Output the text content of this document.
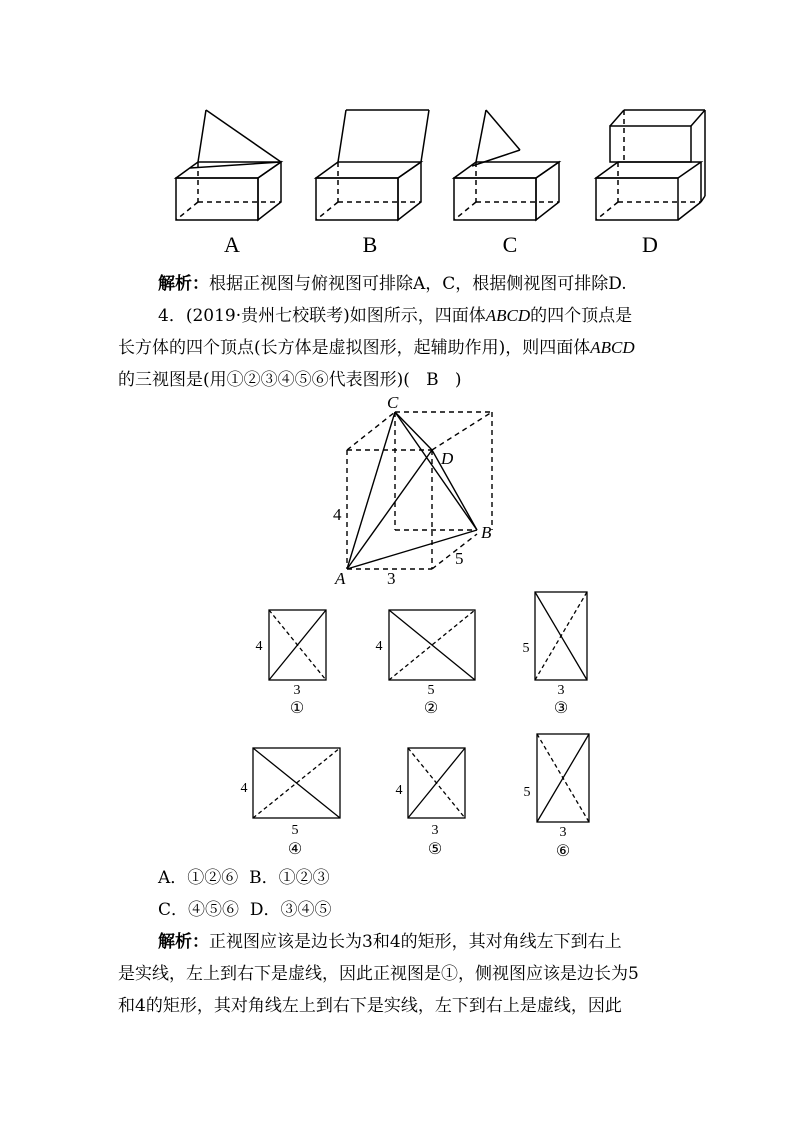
A	B	C	D
解析：根据正视图与俯视图可排除A，C，根据侧视图可排除D.
4．(2019·贵州七校联考)如图所示，四面体ABCD的四个顶点是
长方体的四个顶点(长方体是虚拟图形，起辅助作用)，则四面体ABCD
的三视图是(用①②③④⑤⑥代表图形)( B )
C
D
B
A
4
3
5
4
3
4
5
5
3
4
5
4
3
5
3
①	②	③
④	⑤	⑥
A．①②⑥ B．①②③
C．④⑤⑥ D．③④⑤
解析：正视图应该是边长为3和4的矩形，其对角线左下到右上
是实线，左上到右下是虚线，因此正视图是①，侧视图应该是边长为5
和4的矩形，其对角线左上到右下是实线，左下到右上是虚线，因此
